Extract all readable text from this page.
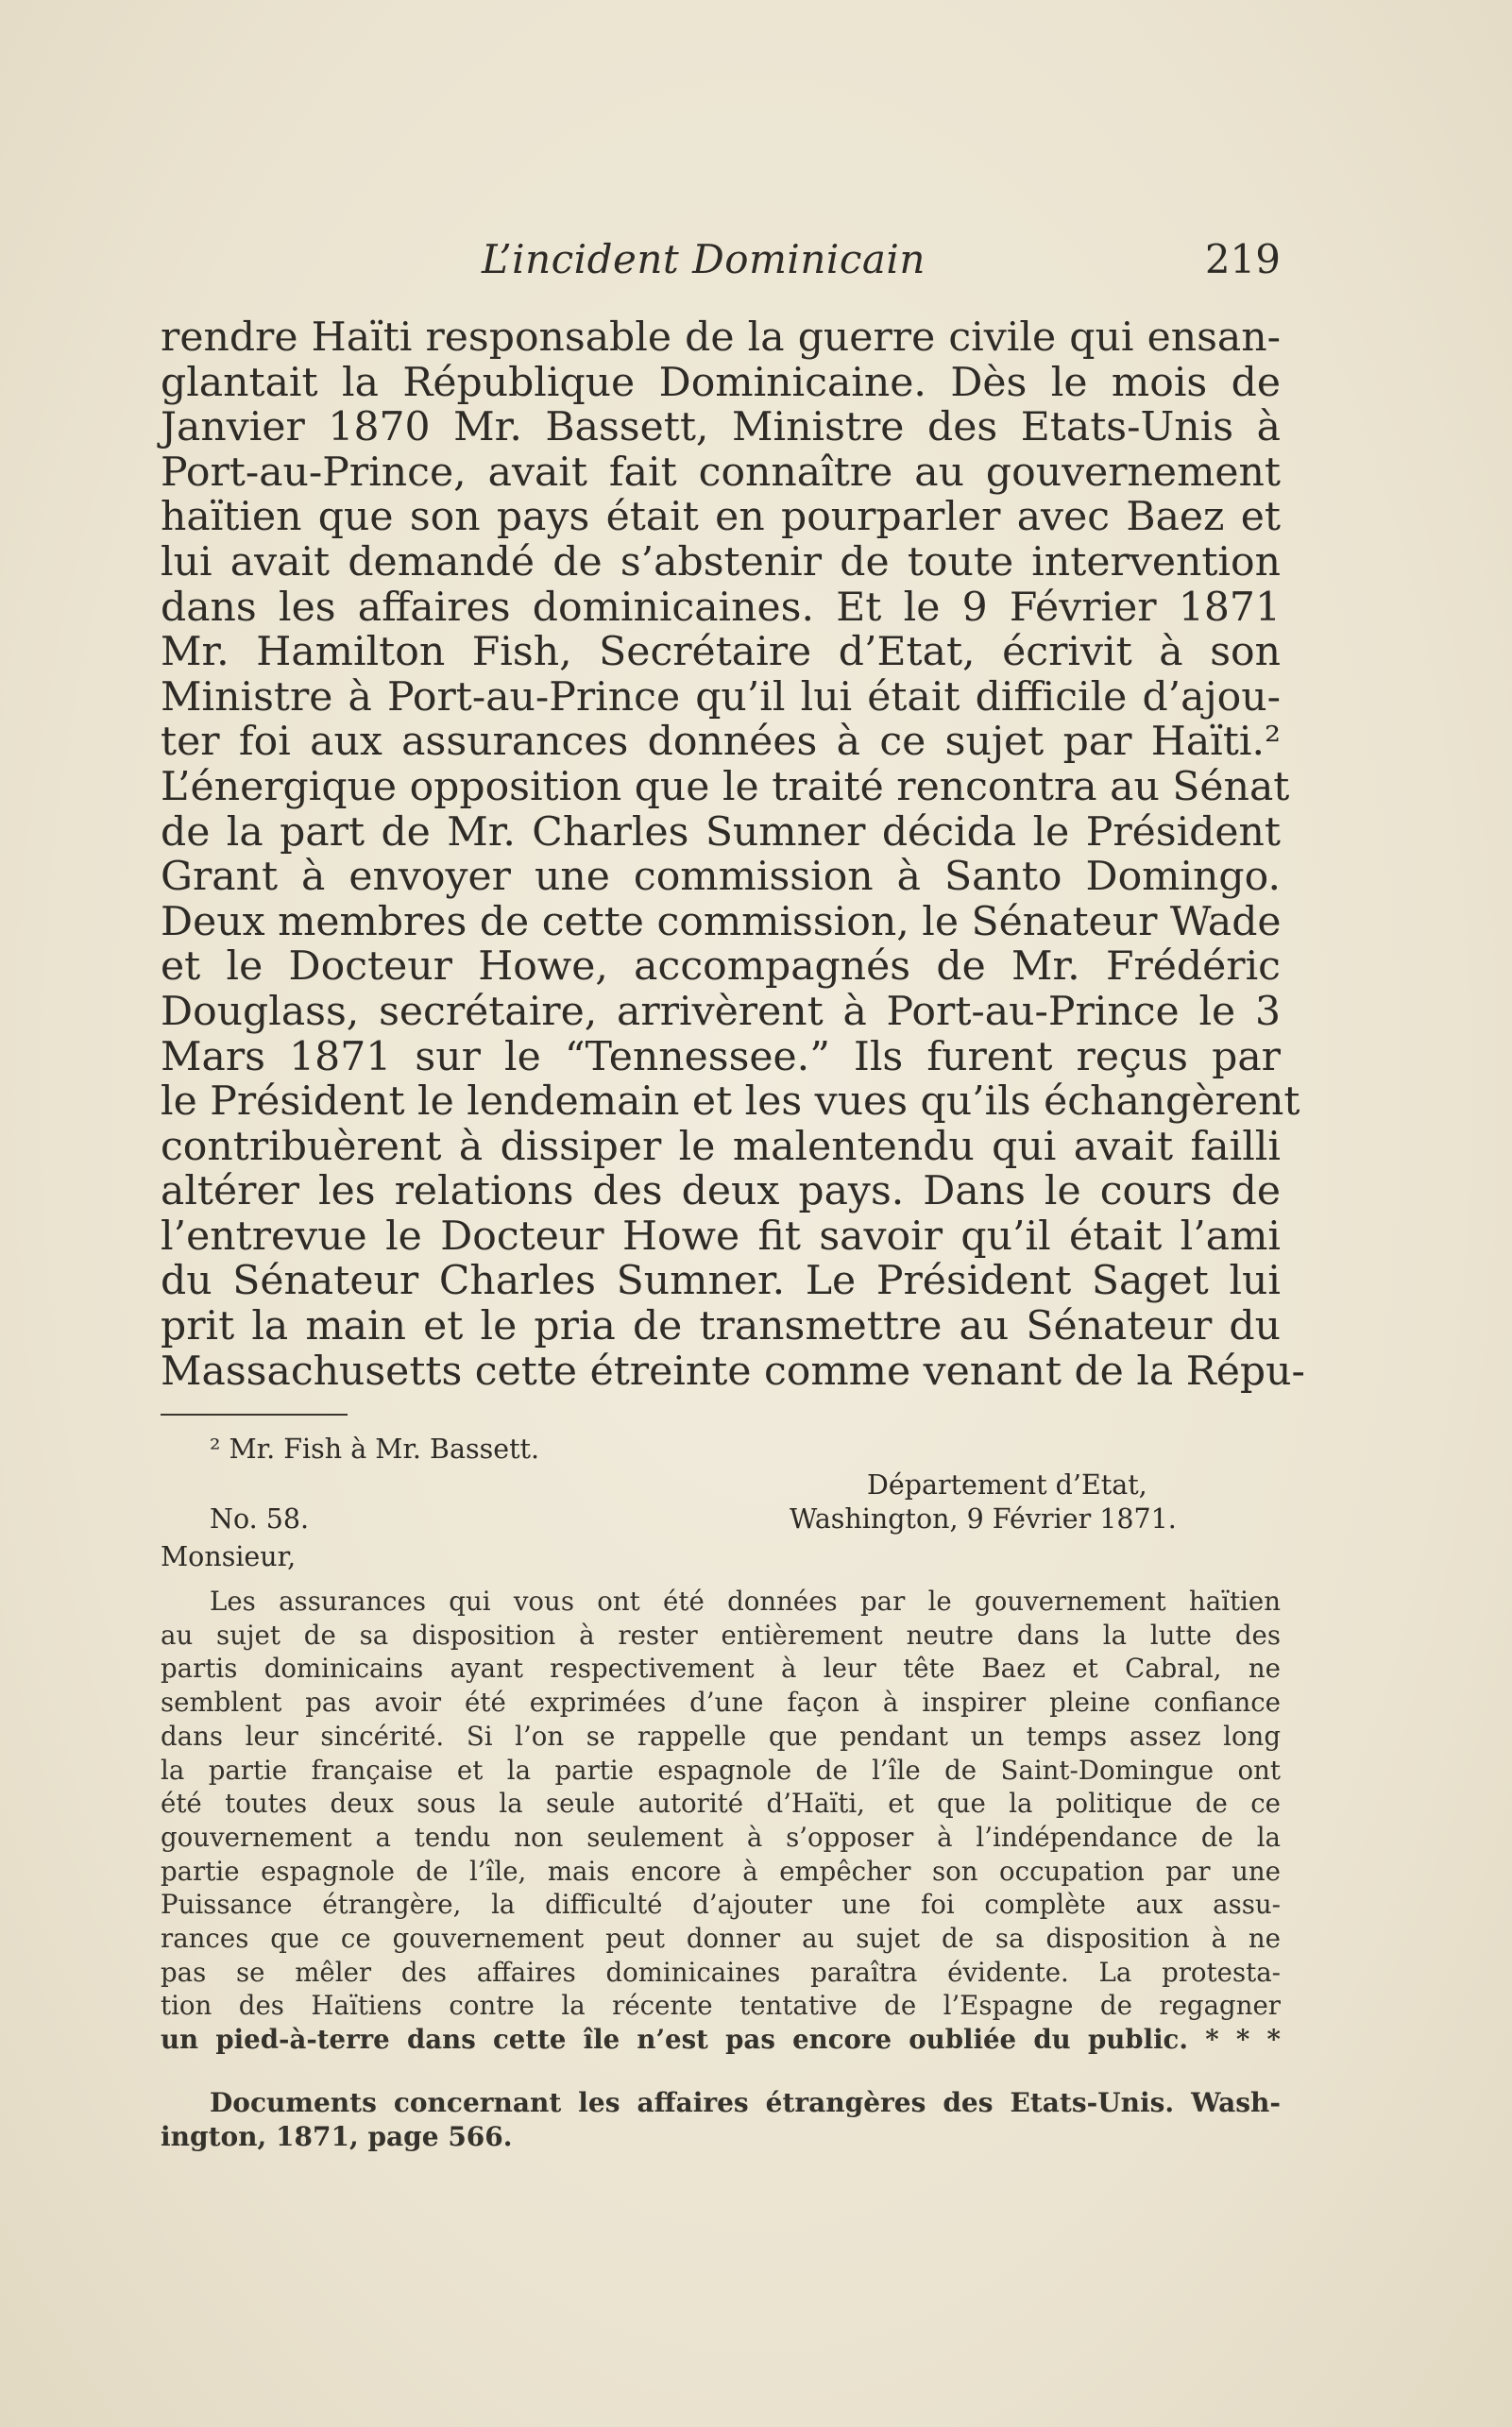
L’incident Dominicain	219
rendre Haïti responsable de la guerre civile qui ensan-
glantait la République Dominicaine. Dès le mois de
Janvier 1870 Mr. Bassett, Ministre des Etats-Unis à
Port-au-Prince, avait fait connaître au gouvernement
haïtien que son pays était en pourparler avec Baez et
lui avait demandé de s’abstenir de toute intervention
dans les affaires dominicaines. Et le 9 Février 1871
Mr. Hamilton Fish, Secrétaire d’Etat, écrivit à son
Ministre à Port-au-Prince qu’il lui était difficile d’ajou-
ter foi aux assurances données à ce sujet par Haïti.²
L’énergique opposition que le traité rencontra au Sénat
de la part de Mr. Charles Sumner décida le Président
Grant à envoyer une commission à Santo Domingo.
Deux membres de cette commission, le Sénateur Wade
et le Docteur Howe, accompagnés de Mr. Frédéric
Douglass, secrétaire, arrivèrent à Port-au-Prince le 3
Mars 1871 sur le “Tennessee.” Ils furent reçus par
le Président le lendemain et les vues qu’ils échangèrent
contribuèrent à dissiper le malentendu qui avait failli
altérer les relations des deux pays. Dans le cours de
l’entrevue le Docteur Howe fit savoir qu’il était l’ami
du Sénateur Charles Sumner. Le Président Saget lui
prit la main et le pria de transmettre au Sénateur du
Massachusetts cette étreinte comme venant de la Répu-
² Mr. Fish à Mr. Bassett.
Département d’Etat,
No. 58.	Washington, 9 Février 1871.
Monsieur,
Les assurances qui vous ont été données par le gouvernement haïtien
au sujet de sa disposition à rester entièrement neutre dans la lutte des
partis dominicains ayant respectivement à leur tête Baez et Cabral, ne
semblent pas avoir été exprimées d’une façon à inspirer pleine confiance
dans leur sincérité. Si l’on se rappelle que pendant un temps assez long
la partie française et la partie espagnole de l’île de Saint-Domingue ont
été toutes deux sous la seule autorité d’Haïti, et que la politique de ce
gouvernement a tendu non seulement à s’opposer à l’indépendance de la
partie espagnole de l’île, mais encore à empêcher son occupation par une
Puissance étrangère, la difficulté d’ajouter une foi complète aux assu-
rances que ce gouvernement peut donner au sujet de sa disposition à ne
pas se mêler des affaires dominicaines paraîtra évidente. La protesta-
tion des Haïtiens contre la récente tentative de l’Espagne de regagner
un pied-à-terre dans cette île n’est pas encore oubliée du public. * * *
Documents concernant les affaires étrangères des Etats-Unis. Wash-
ington, 1871, page 566.
